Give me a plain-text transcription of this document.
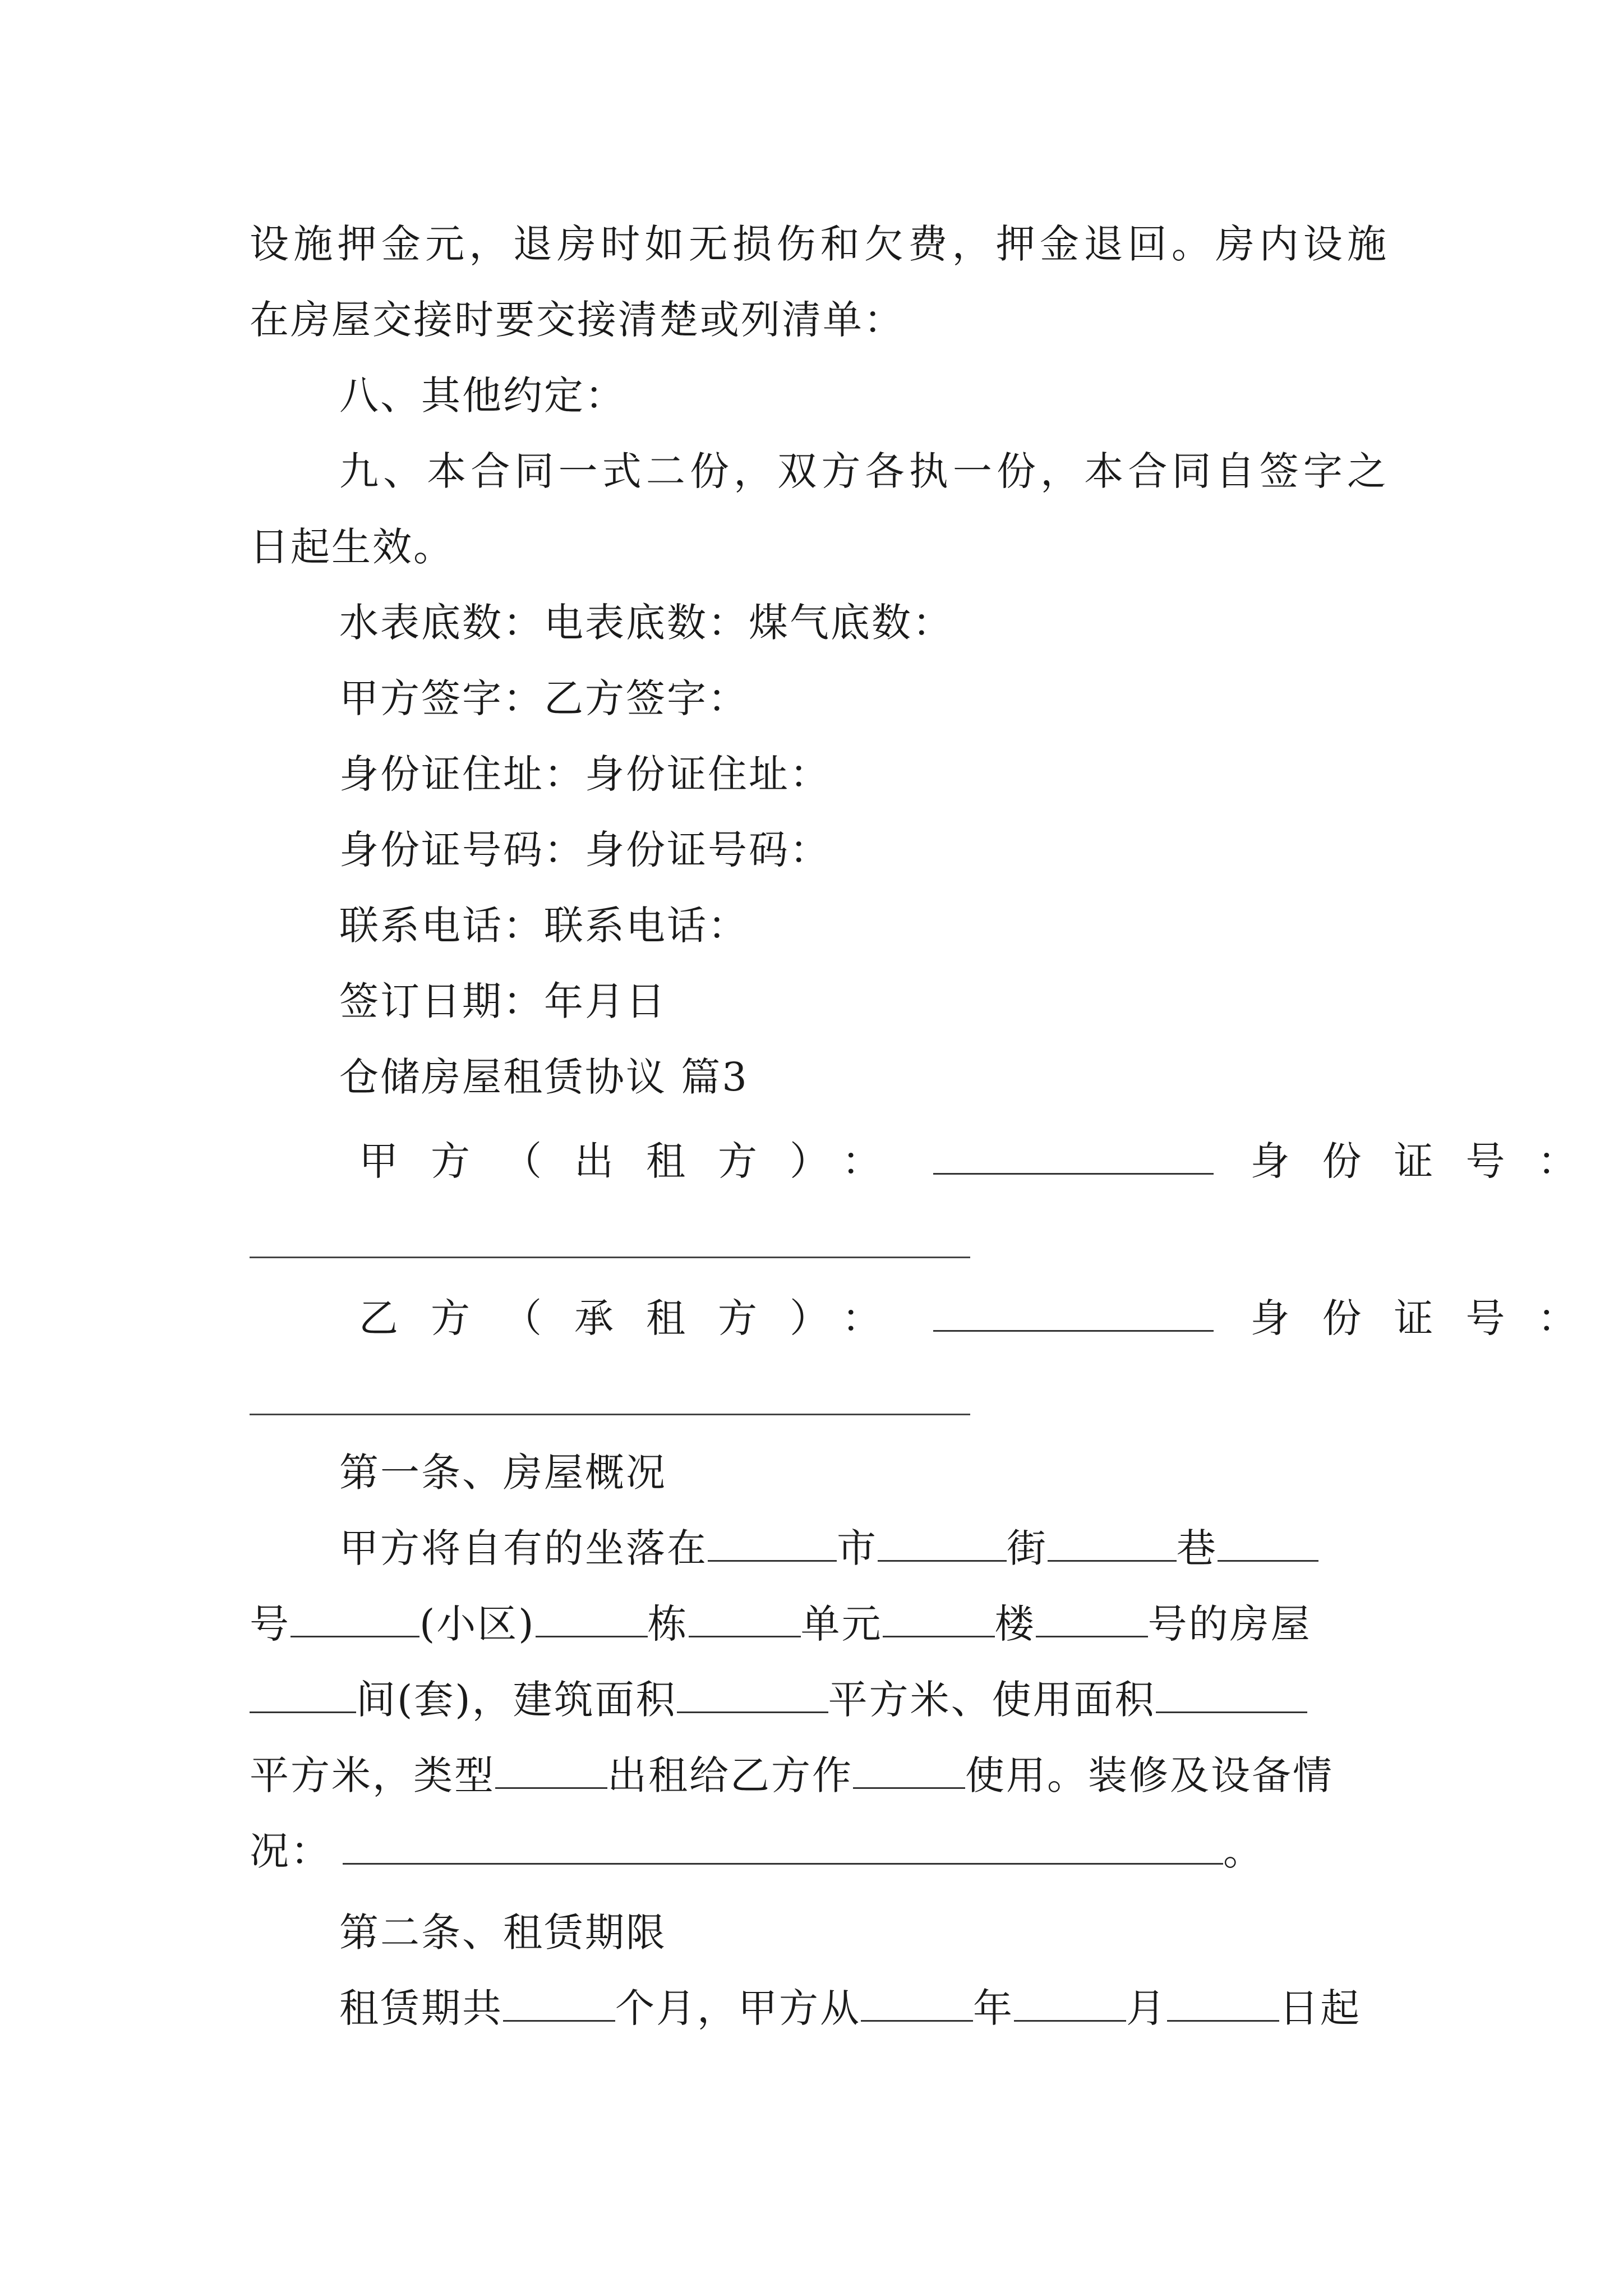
设施押金元，退房时如无损伤和欠费，押金退回。房内设施
在房屋交接时要交接清楚或列清单：
八、其他约定：
九、本合同一式二份，双方各执一份，本合同自签字之
日起生效。
水表底数：电表底数：煤气底数：
甲方签字：乙方签字：
身份证住址：身份证住址：
身份证号码：身份证号码：
联系电话：联系电话：
签订日期：年月日
仓储房屋租赁协议 篇3
甲方（出租方）：	身份证号：
乙方（承租方）：	身份证号：
第一条、房屋概况
甲方将自有的坐落在	市	街	巷
号	(小区)	栋	单元	楼	号的房屋
间(套)，建筑面积	平方米、使用面积
平方米，类型	出租给乙方作	使用。装修及设备情
况：	。
第二条、租赁期限
租赁期共	个月，甲方从	年	月	日起
